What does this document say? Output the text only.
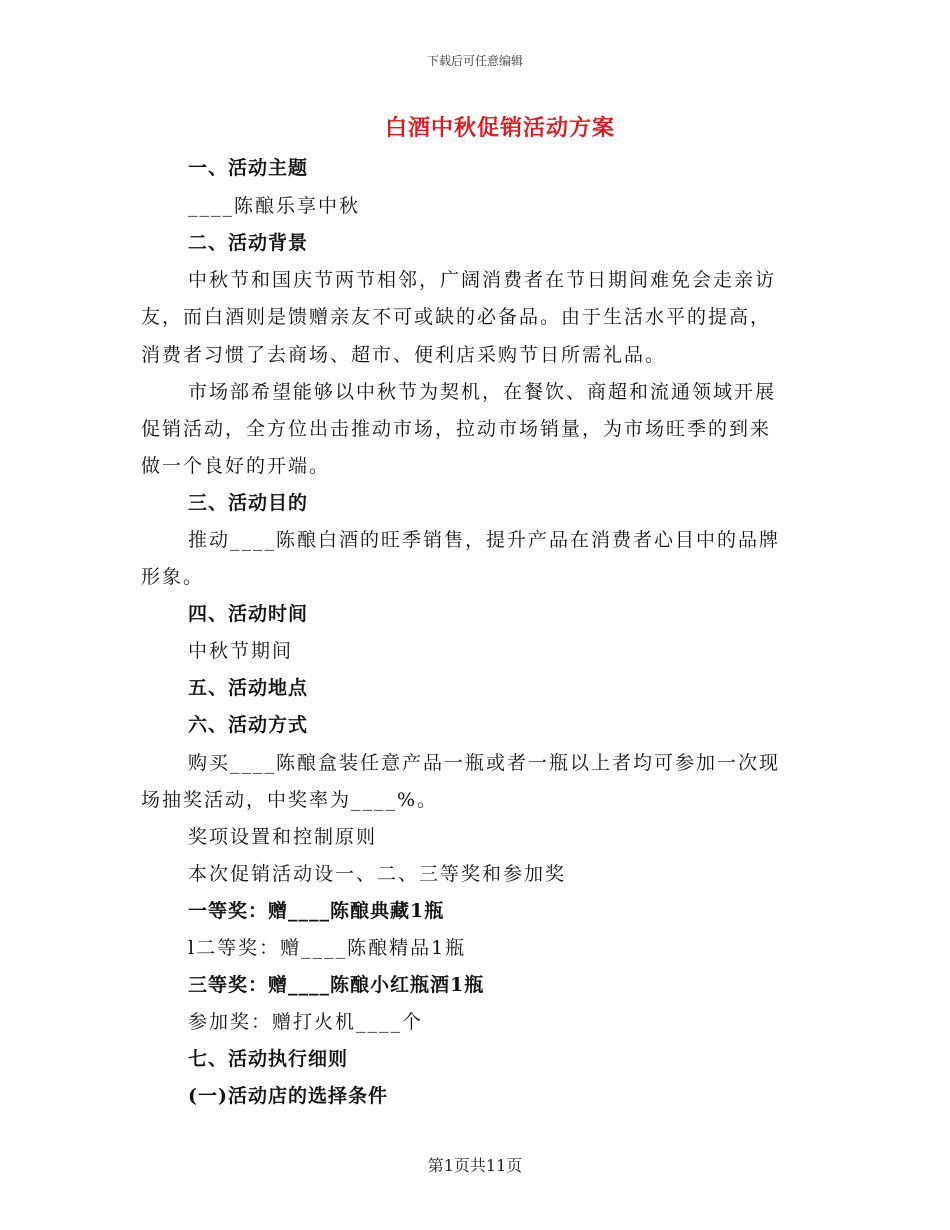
下载后可任意编辑
白酒中秋促销活动方案
一、活动主题
____陈酿乐享中秋
二、活动背景
中秋节和国庆节两节相邻，广阔消费者在节日期间难免会走亲访
友，而白酒则是馈赠亲友不可或缺的必备品。由于生活水平的提高，
消费者习惯了去商场、超市、便利店采购节日所需礼品。
市场部希望能够以中秋节为契机，在餐饮、商超和流通领域开展
促销活动，全方位出击推动市场，拉动市场销量，为市场旺季的到来
做一个良好的开端。
三、活动目的
推动____陈酿白酒的旺季销售，提升产品在消费者心目中的品牌
形象。
四、活动时间
中秋节期间
五、活动地点
六、活动方式
购买____陈酿盒装任意产品一瓶或者一瓶以上者均可参加一次现
场抽奖活动，中奖率为____%。
奖项设置和控制原则
本次促销活动设一、二、三等奖和参加奖
一等奖：赠____陈酿典藏1瓶
l二等奖：赠____陈酿精品1瓶
三等奖：赠____陈酿小红瓶酒1瓶
参加奖：赠打火机____个
七、活动执行细则
(一)活动店的选择条件
第1页共11页
